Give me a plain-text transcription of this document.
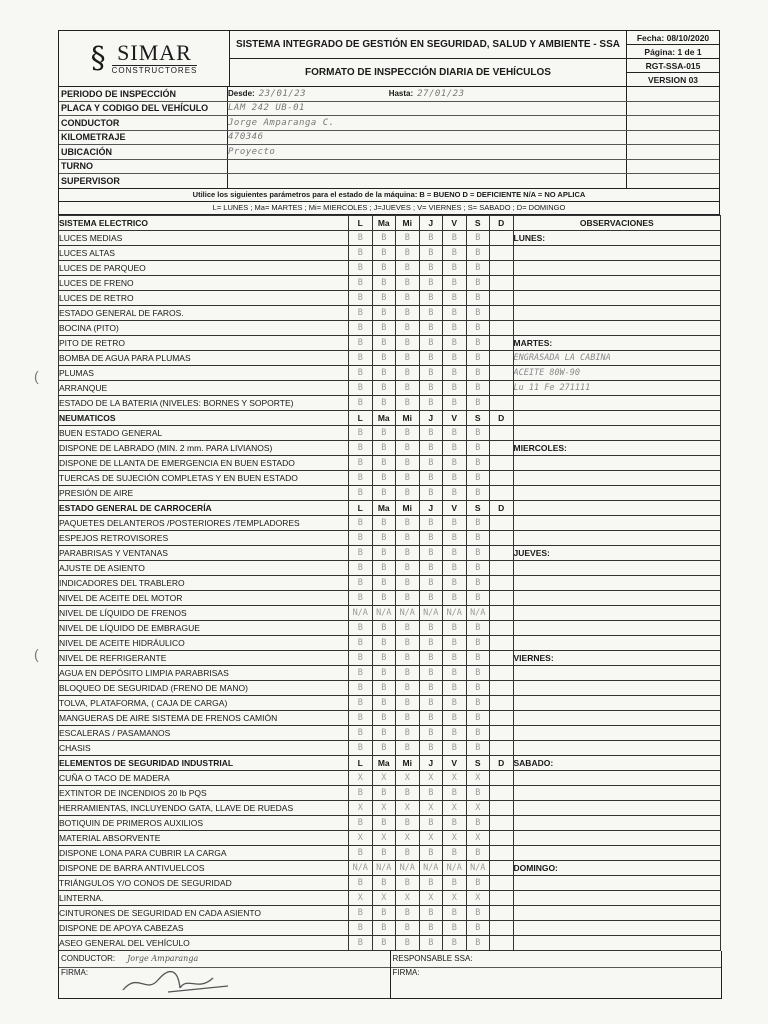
(
(
§ SIMAR
CONSTRUCTORES
SISTEMA INTEGRADO DE GESTIÓN EN SEGURIDAD, SALUD Y AMBIENTE - SSA
FORMATO DE INSPECCIÓN DIARIA DE VEHÍCULOS
Fecha: 08/10/2020
Página: 1 de 1
RGT-SSA-015
VERSION 03
PERIODO DE INSPECCIÓN	Desde: 23/01/23	Hasta: 27/01/23
PLACA Y CODIGO DEL VEHÍCULO	LAM 242 UB-01
CONDUCTOR	Jorge Amparanga C.
KILOMETRAJE	470346
UBICACIÓN	Proyecto
TURNO
SUPERVISOR
Utilice los siguientes parámetros para el estado de la máquina: B = BUENO D = DEFICIENTE N/A = NO APLICA
L= LUNES ; Ma= MARTES ; Mi= MIERCOLES ; J=JUEVES ; V= VIERNES ; S= SABADO ; D= DOMINGO
SISTEMA ELECTRICO	L	Ma	Mi	J	V	S	D	OBSERVACIONES
LUCES MEDIAS	B	B	B	B	B	B		LUNES:
LUCES ALTAS	B	B	B	B	B	B		
LUCES DE PARQUEO	B	B	B	B	B	B		
LUCES DE FRENO	B	B	B	B	B	B		
LUCES DE RETRO	B	B	B	B	B	B		
ESTADO GENERAL DE FAROS.	B	B	B	B	B	B		
BOCINA (PITO)	B	B	B	B	B	B		
PITO DE RETRO	B	B	B	B	B	B		MARTES:
BOMBA DE AGUA PARA PLUMAS	B	B	B	B	B	B		ENGRASADA LA CABINA
PLUMAS	B	B	B	B	B	B		ACEITE 80W-90
ARRANQUE	B	B	B	B	B	B		Lu 11 Fe 271111
ESTADO DE LA BATERIA (NIVELES: BORNES Y SOPORTE)	B	B	B	B	B	B		
NEUMATICOS	L	Ma	Mi	J	V	S	D	
BUEN ESTADO GENERAL	B	B	B	B	B	B		
DISPONE DE LABRADO (MIN. 2 mm. PARA LIVIANOS)	B	B	B	B	B	B		MIERCOLES:
DISPONE DE LLANTA DE EMERGENCIA EN BUEN ESTADO	B	B	B	B	B	B		
TUERCAS DE SUJECIÓN COMPLETAS Y EN BUEN ESTADO	B	B	B	B	B	B		
PRESIÓN DE AIRE	B	B	B	B	B	B		
ESTADO GENERAL DE CARROCERÍA	L	Ma	Mi	J	V	S	D	
PAQUETES DELANTEROS /POSTERIORES /TEMPLADORES	B	B	B	B	B	B		
ESPEJOS RETROVISORES	B	B	B	B	B	B		
PARABRISAS Y VENTANAS	B	B	B	B	B	B		JUEVES:
AJUSTE DE ASIENTO	B	B	B	B	B	B		
INDICADORES DEL TRABLERO	B	B	B	B	B	B		
NIVEL DE ACEITE DEL MOTOR	B	B	B	B	B	B		
NIVEL DE LÍQUIDO DE FRENOS	N/A	N/A	N/A	N/A	N/A	N/A		
NIVEL DE LÍQUIDO DE EMBRAGUE	B	B	B	B	B	B		
NIVEL DE ACEITE HIDRÁULICO	B	B	B	B	B	B		
NIVEL DE REFRIGERANTE	B	B	B	B	B	B		VIERNES:
AGUA EN DEPÓSITO LIMPIA PARABRISAS	B	B	B	B	B	B		
BLOQUEO DE SEGURIDAD (FRENO DE MANO)	B	B	B	B	B	B		
TOLVA, PLATAFORMA, ( CAJA DE CARGA)	B	B	B	B	B	B		
MANGUERAS DE AIRE SISTEMA DE FRENOS CAMIÓN	B	B	B	B	B	B		
ESCALERAS / PASAMANOS	B	B	B	B	B	B		
CHASIS	B	B	B	B	B	B		
ELEMENTOS DE SEGURIDAD INDUSTRIAL	L	Ma	Mi	J	V	S	D	SABADO:
CUÑA O TACO DE MADERA	X	X	X	X	X	X		
EXTINTOR DE INCENDIOS 20 lb PQS	B	B	B	B	B	B		
HERRAMIENTAS, INCLUYENDO GATA, LLAVE DE RUEDAS	X	X	X	X	X	X		
BOTIQUIN DE PRIMEROS AUXILIOS	B	B	B	B	B	B		
MATERIAL ABSORVENTE	X	X	X	X	X	X		
DISPONE LONA PARA CUBRIR LA CARGA	B	B	B	B	B	B		
DISPONE DE BARRA ANTIVUELCOS	N/A	N/A	N/A	N/A	N/A	N/A		DOMINGO:
TRIÁNGULOS Y/O CONOS DE SEGURIDAD	B	B	B	B	B	B		
LINTERNA.	X	X	X	X	X	X		
CINTURONES DE SEGURIDAD EN CADA ASIENTO	B	B	B	B	B	B		
DISPONE DE APOYA CABEZAS	B	B	B	B	B	B		
ASEO GENERAL DEL VEHÍCULO	B	B	B	B	B	B		
CONDUCTOR: Jorge Amparanga
FIRMA:
RESPONSABLE SSA:
FIRMA:
